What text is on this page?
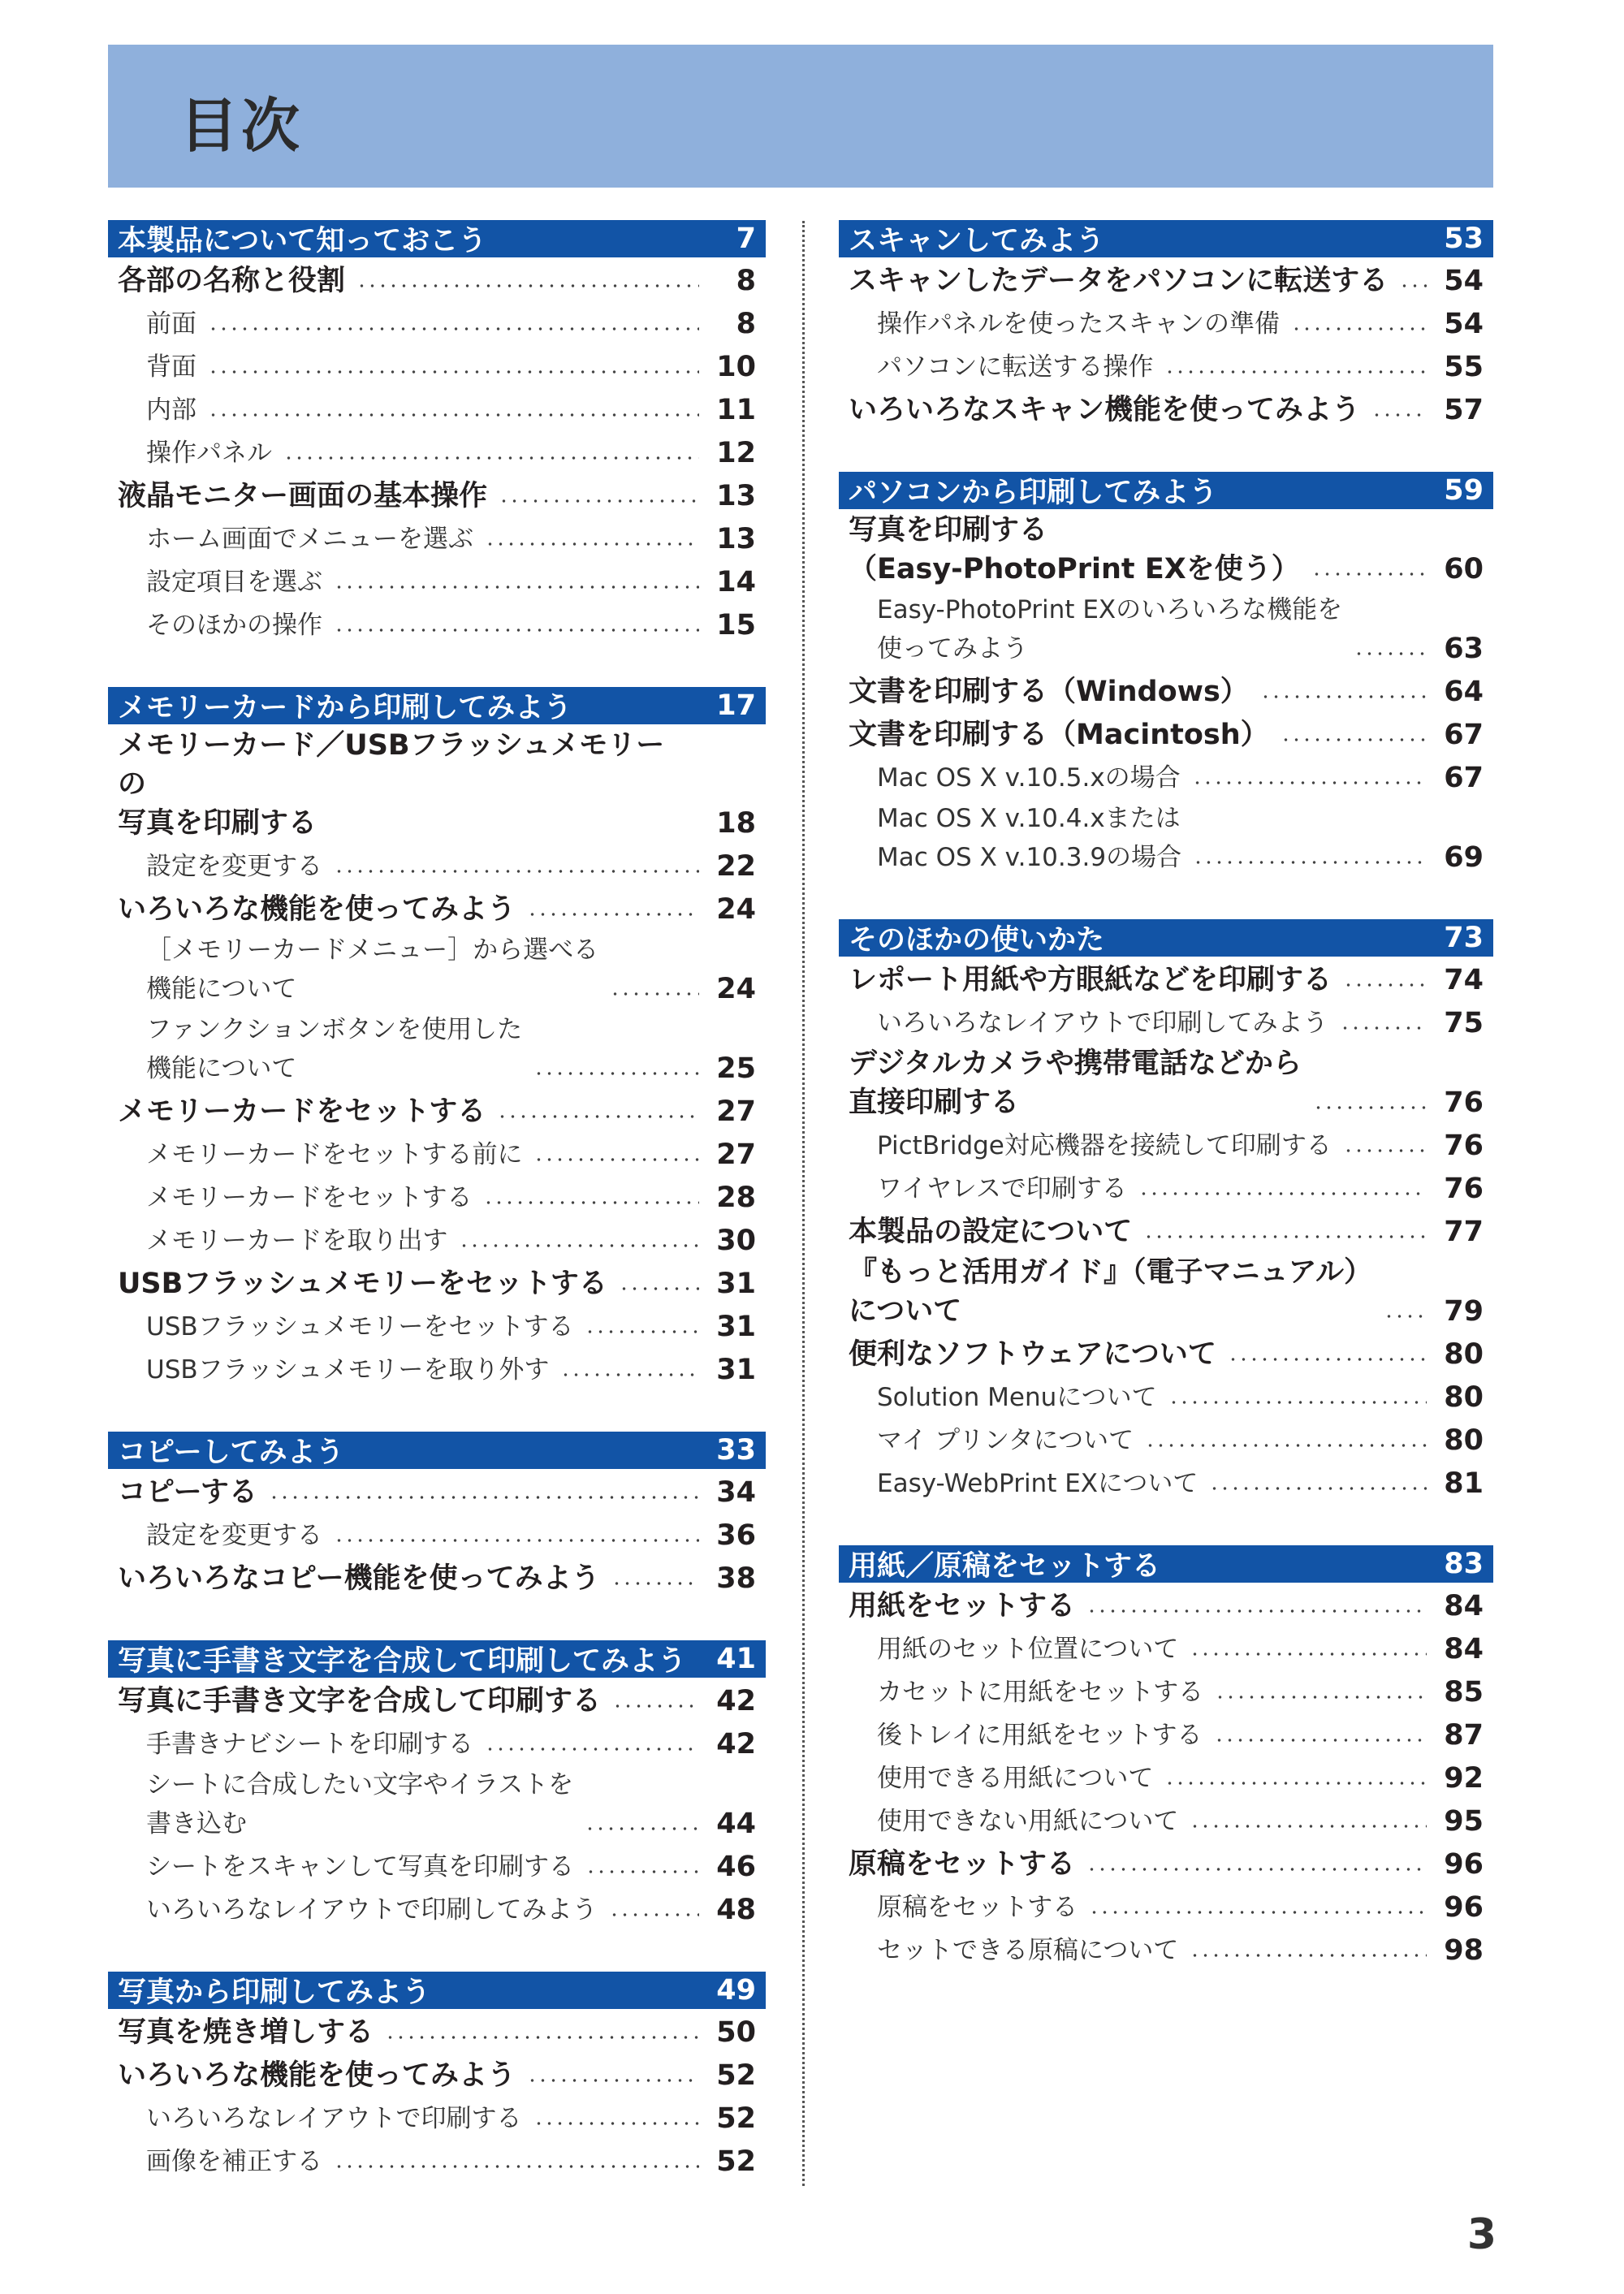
目次
本製品について知っておこう	7
各部の名称と役割	8
前面	8
背面	10
内部	11
操作パネル	12
液晶モニター画面の基本操作	13
ホーム画面でメニューを選ぶ	13
設定項目を選ぶ	14
そのほかの操作	15
メモリーカードから印刷してみよう	17
メモリーカード／USBフラッシュメモリーの
写真を印刷する	18
設定を変更する	22
いろいろな機能を使ってみよう	24
［メモリーカードメニュー］から選べる
機能について	24
ファンクションボタンを使用した
機能について	25
メモリーカードをセットする	27
メモリーカードをセットする前に	27
メモリーカードをセットする	28
メモリーカードを取り出す	30
USBフラッシュメモリーをセットする	31
USBフラッシュメモリーをセットする	31
USBフラッシュメモリーを取り外す	31
コピーしてみよう	33
コピーする	34
設定を変更する	36
いろいろなコピー機能を使ってみよう	38
写真に手書き文字を合成して印刷してみよう 41
写真に手書き文字を合成して印刷する	42
手書きナビシートを印刷する	42
シートに合成したい文字やイラストを
書き込む	44
シートをスキャンして写真を印刷する	46
いろいろなレイアウトで印刷してみよう	48
写真から印刷してみよう	49
写真を焼き増しする	50
いろいろな機能を使ってみよう	52
いろいろなレイアウトで印刷する	52
画像を補正する	52
スキャンしてみよう	53
スキャンしたデータをパソコンに転送する 54
操作パネルを使ったスキャンの準備	54
パソコンに転送する操作	55
いろいろなスキャン機能を使ってみよう	57
パソコンから印刷してみよう	59
写真を印刷する
（Easy-PhotoPrint EXを使う）	60
Easy-PhotoPrint EXのいろいろな機能を
使ってみよう	63
文書を印刷する（Windows）	64
文書を印刷する（Macintosh）	67
Mac OS X v.10.5.xの場合	67
Mac OS X v.10.4.xまたは
Mac OS X v.10.3.9の場合	69
そのほかの使いかた	73
レポート用紙や方眼紙などを印刷する	74
いろいろなレイアウトで印刷してみよう	75
デジタルカメラや携帯電話などから
直接印刷する	76
PictBridge対応機器を接続して印刷する	76
ワイヤレスで印刷する	76
本製品の設定について	77
『もっと活用ガイド』（電子マニュアル）
について	79
便利なソフトウェアについて	80
Solution Menuについて	80
マイ プリンタについて	80
Easy-WebPrint EXについて	81
用紙／原稿をセットする	83
用紙をセットする	84
用紙のセット位置について	84
カセットに用紙をセットする	85
後トレイに用紙をセットする	87
使用できる用紙について	92
使用できない用紙について	95
原稿をセットする	96
原稿をセットする	96
セットできる原稿について	98
3
